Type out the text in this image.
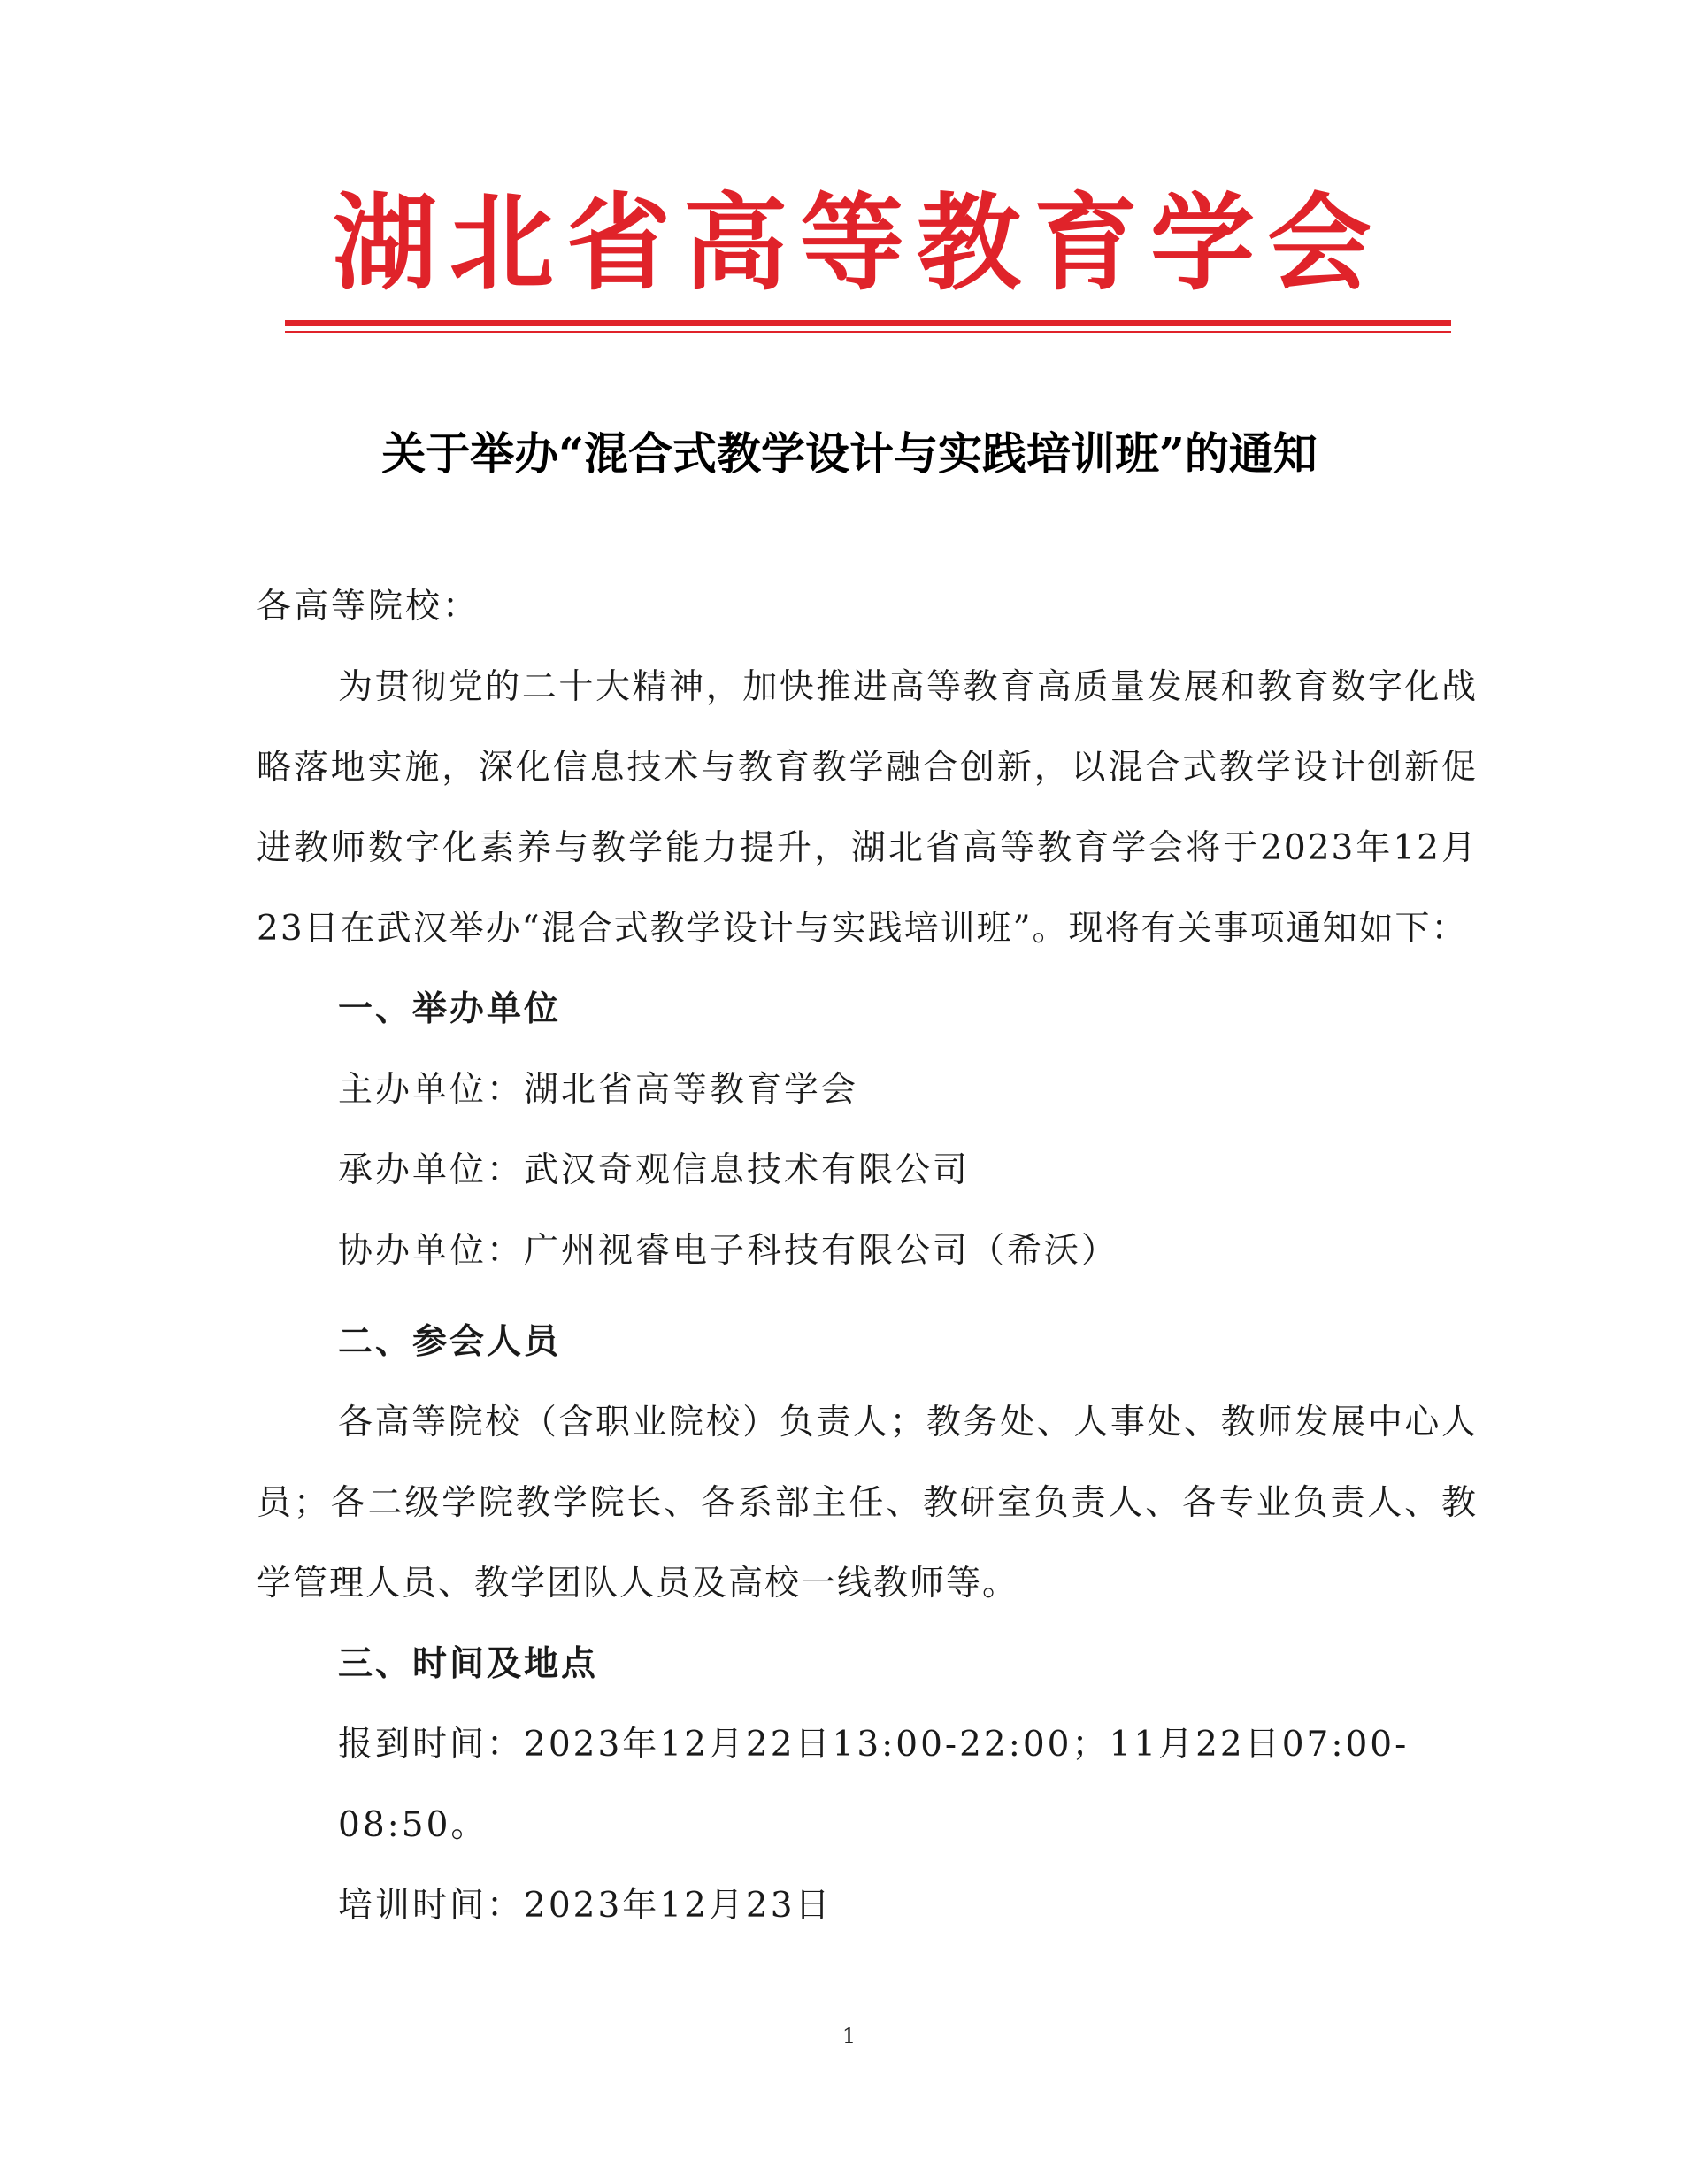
湖北省高等教育学会
关于举办“混合式教学设计与实践培训班”的通知

各高等院校：

为贯彻党的二十大精神，加快推进高等教育高质量发展和教育数字化战略落地实施，深化信息技术与教育教学融合创新，以混合式教学设计创新促进教师数字化素养与教学能力提升，湖北省高等教育学会将于2023年12月23日在武汉举办“混合式教学设计与实践培训班”。现将有关事项通知如下：

一、举办单位

主办单位：湖北省高等教育学会

承办单位：武汉奇观信息技术有限公司

协办单位：广州视睿电子科技有限公司（希沃）

二、参会人员

各高等院校（含职业院校）负责人；教务处、人事处、教师发展中心人员；各二级学院教学院长、各系部主任、教研室负责人、各专业负责人、教学管理人员、教学团队人员及高校一线教师等。

三、时间及地点

报到时间：2023年12月22日13:00-22:00；11月22日07:00-08:50。

培训时间：2023年12月23日

1
